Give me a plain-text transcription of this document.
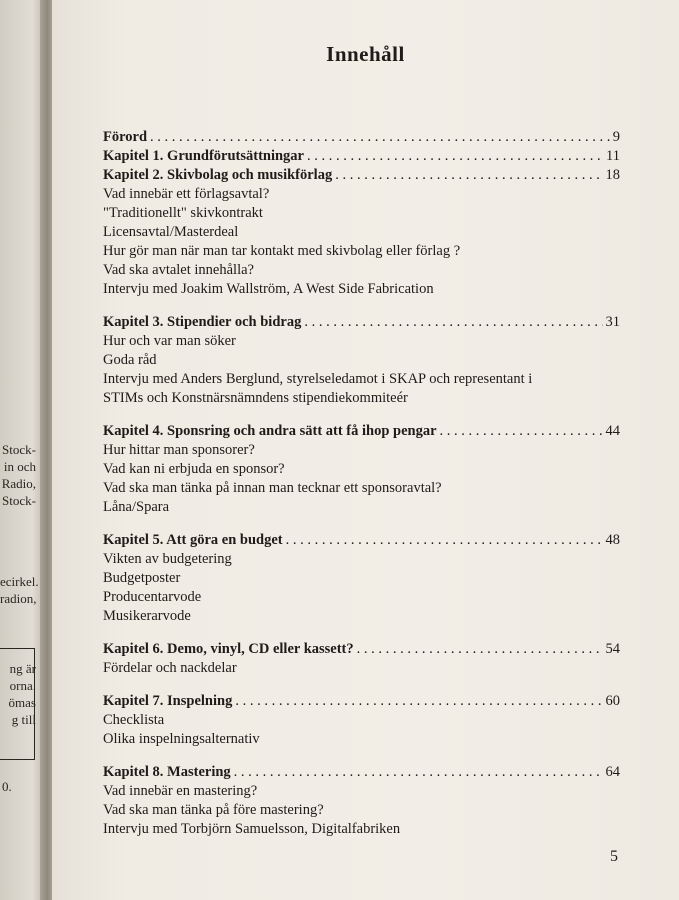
Stock-
in och
Radio,
Stock-
ecirkel.
radion,
ng är
orna.
ömas
g till
0.
Innehåll
Förord . . .	9
Kapitel 1. Grundförutsättningar . . .	11
Kapitel 2. Skivbolag och musikförlag . . .	18
Vad innebär ett förlagsavtal?
"Traditionellt" skivkontrakt
Licensavtal/Masterdeal
Hur gör man när man tar kontakt med skivbolag eller förlag ?
Vad ska avtalet innehålla?
Intervju med Joakim Wallström, A West Side Fabrication
Kapitel 3. Stipendier och bidrag . . .	31
Hur och var man söker
Goda råd
Intervju med Anders Berglund, styrelseledamot i SKAP och representant i
STIMs och Konstnärsnämndens stipendiekommiteér
Kapitel 4. Sponsring och andra sätt att få ihop pengar . . .	44
Hur hittar man sponsorer?
Vad kan ni erbjuda en sponsor?
Vad ska man tänka på innan man tecknar ett sponsoravtal?
Låna/Spara
Kapitel 5. Att göra en budget . . .	48
Vikten av budgetering
Budgetposter
Producentarvode
Musikerarvode
Kapitel 6. Demo, vinyl, CD eller kassett? . . .	54
Fördelar och nackdelar
Kapitel 7. Inspelning . . .	60
Checklista
Olika inspelningsalternativ
Kapitel 8. Mastering . . .	64
Vad innebär en mastering?
Vad ska man tänka på före mastering?
Intervju med Torbjörn Samuelsson, Digitalfabriken
5
